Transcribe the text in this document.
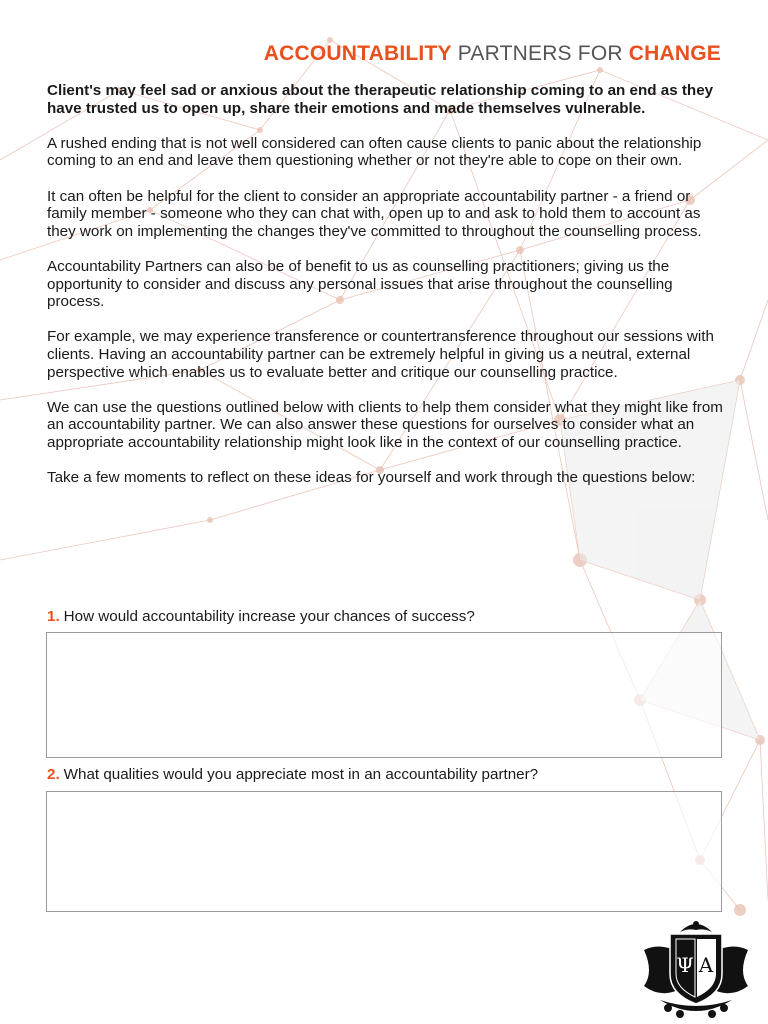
ACCOUNTABILITY PARTNERS FOR CHANGE

Client's may feel sad or anxious about the therapeutic relationship coming to an end as they have trusted us to open up, share their emotions and made themselves vulnerable.

A rushed ending that is not well considered can often cause clients to panic about the relationship coming to an end and leave them questioning whether or not they're able to cope on their own.

It can often be helpful for the client to consider an appropriate accountability partner - a friend or family member - someone who they can chat with, open up to and ask to hold them to account as they work on implementing the changes they've committed to throughout the counselling process.

Accountability Partners can also be of benefit to us as counselling practitioners; giving us the opportunity to consider and discuss any personal issues that arise throughout the counselling process.

For example, we may experience transference or countertransference throughout our sessions with clients. Having an accountability partner can be extremely helpful in giving us a neutral, external perspective which enables us to evaluate better and critique our counselling practice.

We can use the questions outlined below with clients to help them consider what they might like from an accountability partner. We can also answer these questions for ourselves to consider what an appropriate accountability relationship might look like in the context of our counselling practice.

Take a few moments to reflect on these ideas for yourself and work through the questions below:

1. How would accountability increase your chances of success?
2. What qualities would you appreciate most in an accountability partner?
Ψ A
